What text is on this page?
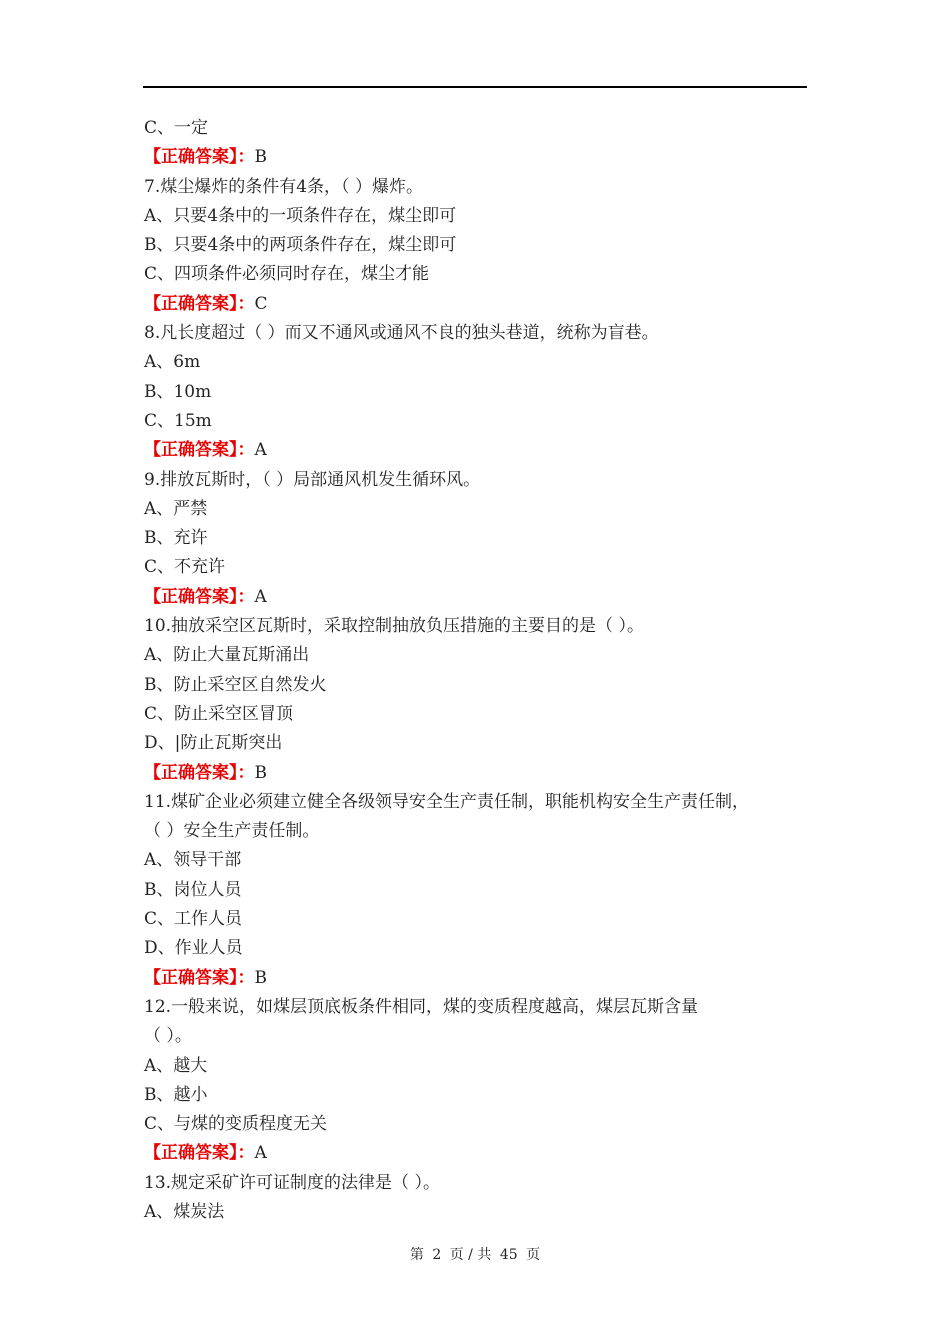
C、一定
【正确答案】：B
7.煤尘爆炸的条件有4条，（ ）爆炸。
A、只要4条中的一项条件存在，煤尘即可
B、只要4条中的两项条件存在，煤尘即可
C、四项条件必须同时存在，煤尘才能
【正确答案】：C
8.凡长度超过（ ）而又不通风或通风不良的独头巷道，统称为盲巷。
A、6m
B、10m
C、15m
【正确答案】：A
9.排放瓦斯时，（ ）局部通风机发生循环风。
A、严禁
B、充许
C、不充许
【正确答案】：A
10.抽放采空区瓦斯时，采取控制抽放负压措施的主要目的是（ ）。
A、防止大量瓦斯涌出
B、防止采空区自然发火
C、防止采空区冒顶
D、|防止瓦斯突出
【正确答案】：B
11.煤矿企业必须建立健全各级领导安全生产责任制，职能机构安全生产责任制，
（ ）安全生产责任制。
A、领导干部
B、岗位人员
C、工作人员
D、作业人员
【正确答案】：B
12.一般来说，如煤层顶底板条件相同，煤的变质程度越高，煤层瓦斯含量
（ ）。
A、越大
B、越小
C、与煤的变质程度无关
【正确答案】：A
13.规定采矿许可证制度的法律是（ ）。
A、煤炭法
第 2 页 / 共 45 页
